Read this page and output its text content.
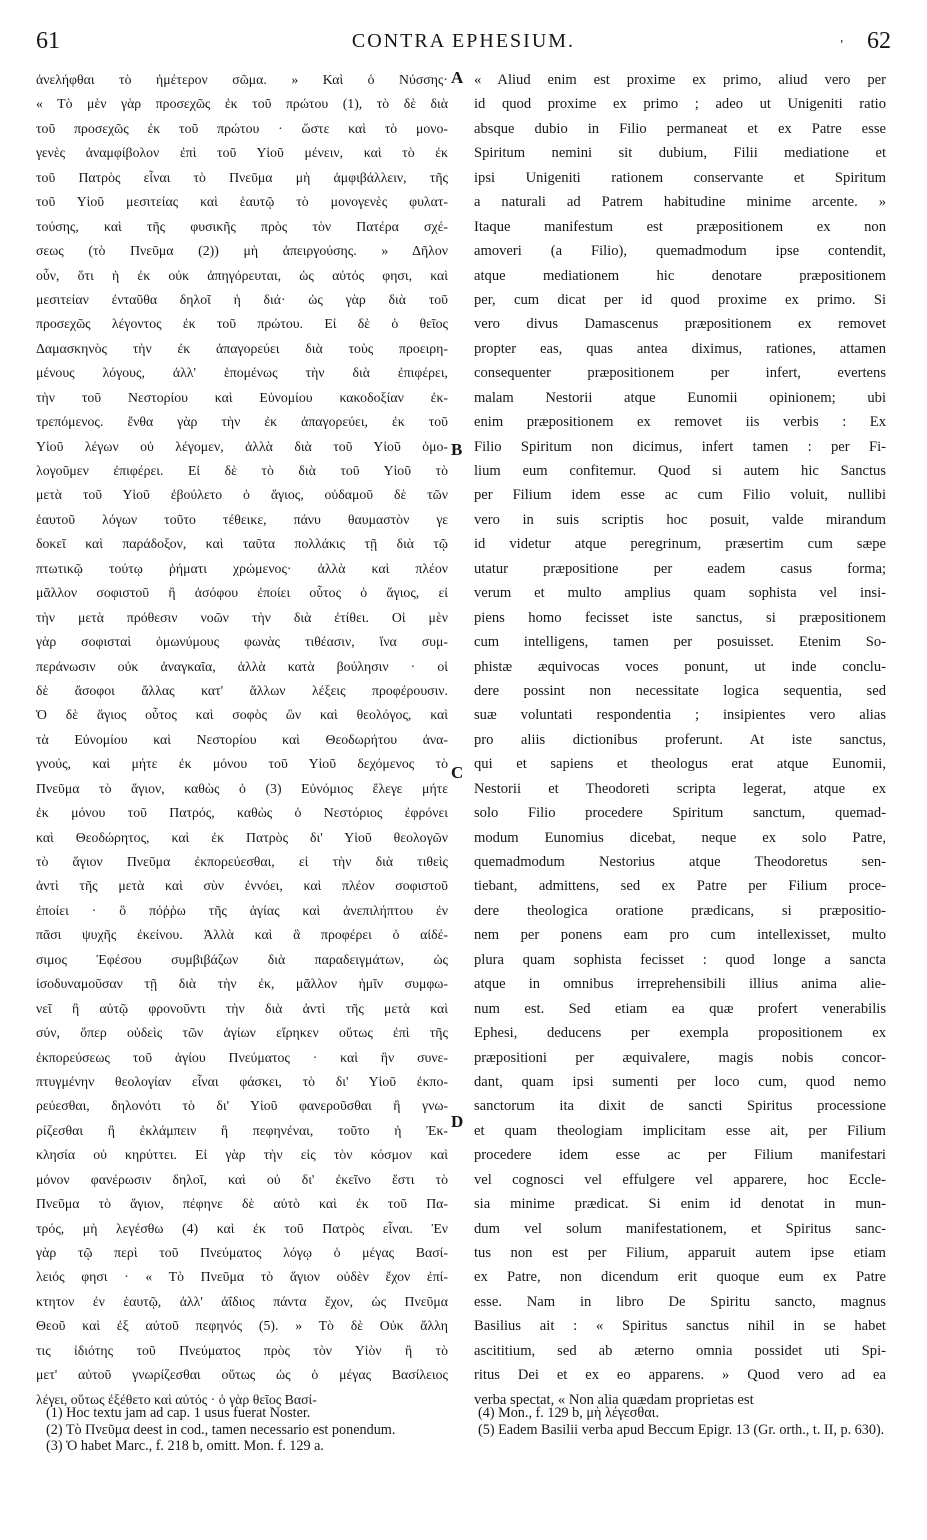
61	CONTRA EPHESIUM.	' 62
ἀνελήφθαι τὸ ἡμέτερον σῶμα. » Καὶ ὁ Νύσσης·
« Τὸ μὲν γὰρ προσεχῶς ἐκ τοῦ πρώτου (1), τὸ δὲ διὰ
τοῦ προσεχῶς ἐκ τοῦ πρώτου · ὥστε καὶ τὸ μονο-
γενὲς ἀναμφίβολον ἐπὶ τοῦ Υἱοῦ μένειν, καὶ τὸ ἐκ
τοῦ Πατρὸς εἶναι τὸ Πνεῦμα μὴ ἀμφιβάλλειν, τῆς
τοῦ Υἱοῦ μεσιτείας καὶ ἑαυτῷ τὸ μονογενὲς φυλατ-
τούσης, καὶ τῆς φυσικῆς πρὸς τὸν Πατέρα σχέ-
σεως (τὸ Πνεῦμα (2)) μὴ ἀπειργούσης. » Δῆλον
οὖν, ὅτι ἡ ἐκ οὐκ ἀπηγόρευται, ὡς αὐτός φησι, καὶ
μεσιτείαν ἐνταῦθα δηλοῖ ἡ διά· ὡς γὰρ διὰ τοῦ
προσεχῶς λέγοντος ἐκ τοῦ πρώτου. Εἰ δὲ ὁ θεῖος
Δαμασκηνὸς τὴν ἐκ ἀπαγορεύει διὰ τοὺς προειρη-
μένους λόγους, ἀλλ' ἑπομένως τὴν διὰ ἐπιφέρει,
τὴν τοῦ Νεστορίου καὶ Εὐνομίου κακοδοξίαν ἐκ-
τρεπόμενος. ἔνθα γὰρ τὴν ἐκ ἀπαγορεύει, ἐκ τοῦ
Υἱοῦ λέγων οὐ λέγομεν, ἀλλὰ διὰ τοῦ Υἱοῦ ὁμο-
λογοῦμεν ἐπιφέρει. Εἰ δὲ τὸ διὰ τοῦ Υἱοῦ τὸ
μετὰ τοῦ Υἱοῦ ἐβούλετο ὁ ἅγιος, οὐδαμοῦ δὲ τῶν
ἑαυτοῦ λόγων τοῦτο τέθεικε, πάνυ θαυμαστὸν γε
δοκεῖ καὶ παράδοξον, καὶ ταῦτα πολλάκις τῇ διὰ τῷ
πτωτικῷ τούτῳ ῥήματι χρώμενος· ἀλλὰ καὶ πλέον
μᾶλλον σοφιστοῦ ἢ ἀσόφου ἐποίει οὗτος ὁ ἅγιος, εἰ
τὴν μετὰ πρόθεσιν νοῶν τὴν διὰ ἐτίθει. Οἱ μὲν
γὰρ σοφισταὶ ὁμωνύμους φωνὰς τιθέασιν, ἵνα συμ-
περάνωσιν οὐκ ἀναγκαῖα, ἀλλὰ κατὰ βούλησιν · οἱ
δὲ ἄσοφοι ἄλλας κατ' ἄλλων λέξεις προφέρουσιν.
Ὁ δὲ ἅγιος οὗτος καὶ σοφὸς ὢν καὶ θεολόγος, καὶ
τὰ Εὐνομίου καὶ Νεστορίου καὶ Θεοδωρήτου ἀνα-
γνούς, καὶ μήτε ἐκ μόνου τοῦ Υἱοῦ δεχόμενος τὸ
Πνεῦμα τὸ ἅγιον, καθὼς ὁ (3) Εὐνόμιος ἔλεγε μήτε
ἐκ μόνου τοῦ Πατρός, καθὼς ὁ Νεστόριος ἐφρόνει
καὶ Θεοδώρητος, καὶ ἐκ Πατρὸς δι' Υἱοῦ θεολογῶν
τὸ ἅγιον Πνεῦμα ἐκπορεύεσθαι, εἰ τὴν διὰ τιθεὶς
ἀντὶ τῆς μετὰ καὶ σὺν ἐννόει, καὶ πλέον σοφιστοῦ
ἐποίει · ὃ πόῤῥω τῆς ἁγίας καὶ ἀνεπιλήπτου ἐν
πᾶσι ψυχῆς ἐκείνου. Ἀλλὰ καὶ ἃ προφέρει ὁ αἰδέ-
σιμος Ἐφέσου συμβιβάζων διὰ παραδειγμάτων, ὡς
ἰσοδυναμοῦσαν τῇ διὰ τὴν ἐκ, μᾶλλον ἡμῖν συμφω-
νεῖ ἢ αὐτῷ φρονοῦντι τὴν διὰ ἀντὶ τῆς μετὰ καὶ
σύν, ὅπερ οὐδεὶς τῶν ἁγίων εἴρηκεν οὕτως ἐπὶ τῆς
ἐκπορεύσεως τοῦ ἁγίου Πνεύματος · καὶ ἣν συνε-
πτυγμένην θεολογίαν εἶναι φάσκει, τὸ δι' Υἱοῦ ἐκπο-
ρεύεσθαι, δηλονότι τὸ δι' Υἱοῦ φανεροῦσθαι ἢ γνω-
ρίζεσθαι ἢ ἐκλάμπειν ἢ πεφηνέναι, τοῦτο ἡ Ἐκ-
κλησία οὐ κηρύττει. Εἰ γὰρ τὴν εἰς τὸν κόσμον καὶ
μόνον φανέρωσιν δηλοῖ, καὶ οὐ δι' ἐκεῖνο ἔστι τὸ
Πνεῦμα τὸ ἅγιον, πέφηνε δὲ αὐτὸ καὶ ἐκ τοῦ Πα-
τρός, μὴ λεγέσθω (4) καὶ ἐκ τοῦ Πατρὸς εἶναι. Ἐν
γὰρ τῷ περὶ τοῦ Πνεύματος λόγῳ ὁ μέγας Βασί-
λειός φησι · « Τὸ Πνεῦμα τὸ ἅγιον οὐδὲν ἔχον ἐπί-
κτητον ἐν ἑαυτῷ, ἀλλ' ἀΐδιος πάντα ἔχον, ὡς Πνεῦμα
Θεοῦ καὶ ἐξ αὐτοῦ πεφηνός (5). » Τὸ δὲ Οὐκ ἄλλη
τις ἰδιότης τοῦ Πνεύματος πρὸς τὸν Υἱὸν ἢ τὸ
μετ' αὐτοῦ γνωρίζεσθαι οὕτως ὡς ὁ μέγας Βασίλειος
λέγει, οὕτως ἐξέθετο καὶ αὐτός · ὁ γὰρ θεῖος Βασί-
« Aliud enim est proxime ex primo, aliud vero per
id quod proxime ex primo ; adeo ut Unigeniti ratio
absque dubio in Filio permaneat et ex Patre esse
Spiritum nemini sit dubium, Filii mediatione et
ipsi Unigeniti rationem conservante et Spiritum
a naturali ad Patrem habitudine minime arcente. »
Itaque manifestum est præpositionem ex non
amoveri (a Filio), quemadmodum ipse contendit,
atque mediationem hic denotare præpositionem
per, cum dicat per id quod proxime ex primo. Si
vero divus Damascenus præpositionem ex removet
propter eas, quas antea diximus, rationes, attamen
consequenter præpositionem per infert, evertens
malam Nestorii atque Eunomii opinionem; ubi
enim præpositionem ex removet iis verbis : Ex
Filio Spiritum non dicimus, infert tamen : per Fi-
lium eum confitemur. Quod si autem hic Sanctus
per Filium idem esse ac cum Filio voluit, nullibi
vero in suis scriptis hoc posuit, valde mirandum
id videtur atque peregrinum, præsertim cum sæpe
utatur præpositione per eadem casus forma;
verum et multo amplius quam sophista vel insi-
piens homo fecisset iste sanctus, si præpositionem
cum intelligens, tamen per posuisset. Etenim So-
phistæ æquivocas voces ponunt, ut inde conclu-
dere possint non necessitate logica sequentia, sed
suæ voluntati respondentia ; insipientes vero alias
pro aliis dictionibus proferunt. At iste sanctus,
qui et sapiens et theologus erat atque Eunomii,
Nestorii et Theodoreti scripta legerat, atque ex
solo Filio procedere Spiritum sanctum, quemad-
modum Eunomius dicebat, neque ex solo Patre,
quemadmodum Nestorius atque Theodoretus sen-
tiebant, admittens, sed ex Patre per Filium proce-
dere theologica oratione prædicans, si præpositio-
nem per ponens eam pro cum intellexisset, multo
plura quam sophista fecisset : quod longe a sancta
atque in omnibus irreprehensibili illius anima alie-
num est. Sed etiam ea quæ profert venerabilis
Ephesi, deducens per exempla propositionem ex
præpositioni per æquivalere, magis nobis concor-
dant, quam ipsi sumenti per loco cum, quod nemo
sanctorum ita dixit de sancti Spiritus processione
et quam theologiam implicitam esse ait, per Filium
procedere idem esse ac per Filium manifestari
vel cognosci vel effulgere vel apparere, hoc Eccle-
sia minime prædicat. Si enim id denotat in mun-
dum vel solum manifestationem, et Spiritus sanc-
tus non est per Filium, apparuit autem ipse etiam
ex Patre, non dicendum erit quoque eum ex Patre
esse. Nam in libro De Spiritu sancto, magnus
Basilius ait : « Spiritus sanctus nihil in se habet
ascititium, sed ab æterno omnia possidet uti Spi-
ritus Dei et ex eo apparens. » Quod vero ad ea
verba spectat, « Non alia quædam proprietas est
A
B
C
D
(1) Hoc textu jam ad cap. 1 usus fuerat Noster.
(2) Τὸ Πνεῦμα deest in cod., tamen necessario est ponendum.
(3) Ὁ habet Marc., f. 218 b, omitt. Mon. f. 129 a.
(4) Mon., f. 129 b, μὴ λέγεσθαι.
(5) Eadem Basilii verba apud Beccum Epigr. 13 (Gr. orth., t. II, p. 630).
